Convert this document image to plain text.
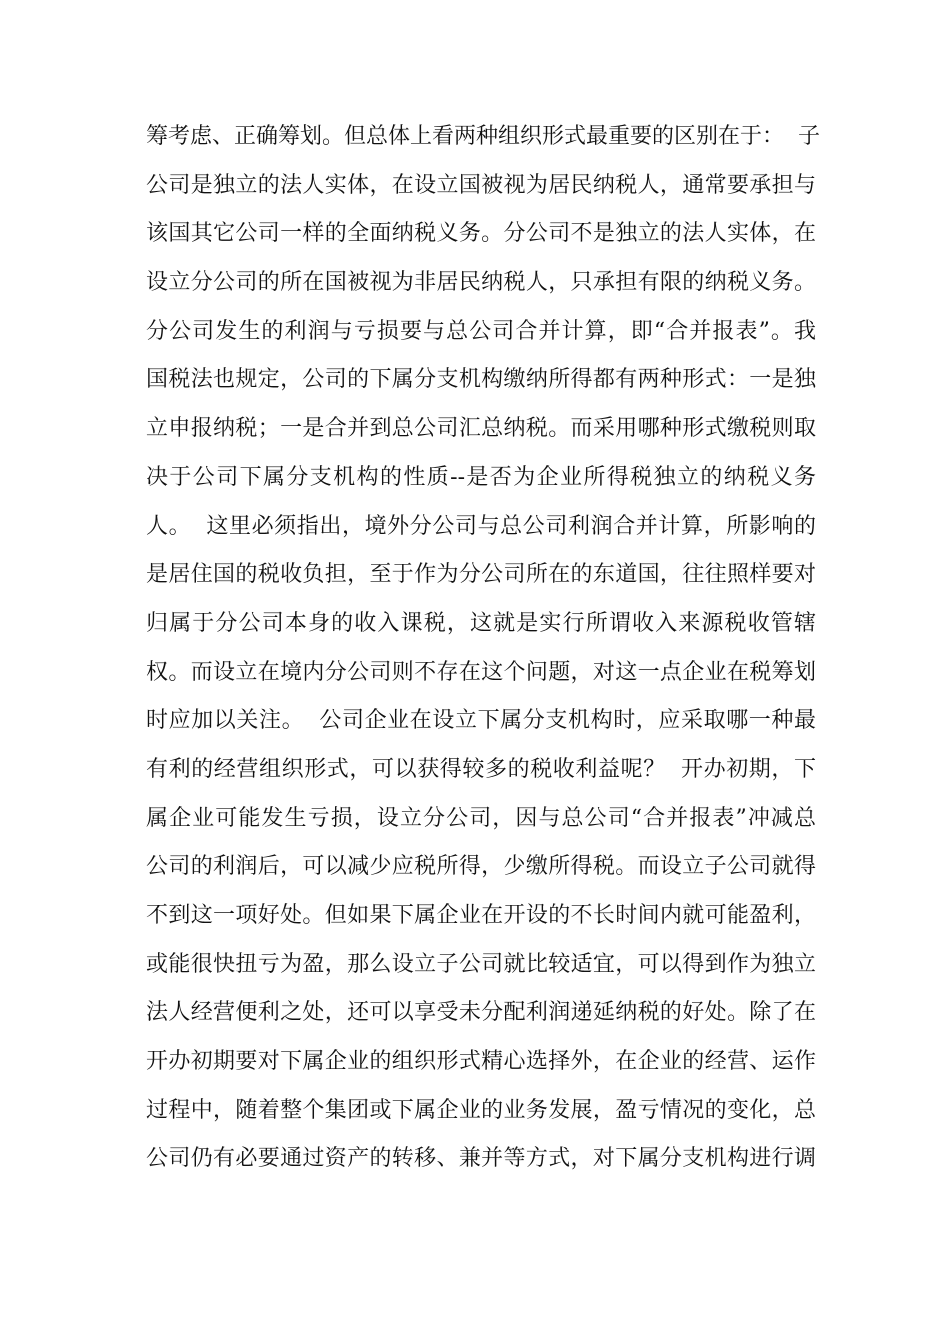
筹考虑、正确筹划。但总体上看两种组织形式最重要的区别在于：  子
公司是独立的法人实体，在设立国被视为居民纳税人，通常要承担与
该国其它公司一样的全面纳税义务。分公司不是独立的法人实体，在
设立分公司的所在国被视为非居民纳税人，只承担有限的纳税义务。
分公司发生的利润与亏损要与总公司合并计算，即“合并报表”。我
国税法也规定，公司的下属分支机构缴纳所得都有两种形式：一是独
立申报纳税；一是合并到总公司汇总纳税。而采用哪种形式缴税则取
决于公司下属分支机构的性质--是否为企业所得税独立的纳税义务
人。  这里必须指出，境外分公司与总公司利润合并计算，所影响的
是居住国的税收负担，至于作为分公司所在的东道国，往往照样要对
归属于分公司本身的收入课税，这就是实行所谓收入来源税收管辖
权。而设立在境内分公司则不存在这个问题，对这一点企业在税筹划
时应加以关注。  公司企业在设立下属分支机构时，应采取哪一种最
有利的经营组织形式，可以获得较多的税收利益呢？  开办初期，下
属企业可能发生亏损，设立分公司，因与总公司“合并报表”冲减总
公司的利润后，可以减少应税所得，少缴所得税。而设立子公司就得
不到这一项好处。但如果下属企业在开设的不长时间内就可能盈利，
或能很快扭亏为盈，那么设立子公司就比较适宜，可以得到作为独立
法人经营便利之处，还可以享受未分配利润递延纳税的好处。除了在
开办初期要对下属企业的组织形式精心选择外，在企业的经营、运作
过程中，随着整个集团或下属企业的业务发展，盈亏情况的变化，总
公司仍有必要通过资产的转移、兼并等方式，对下属分支机构进行调
